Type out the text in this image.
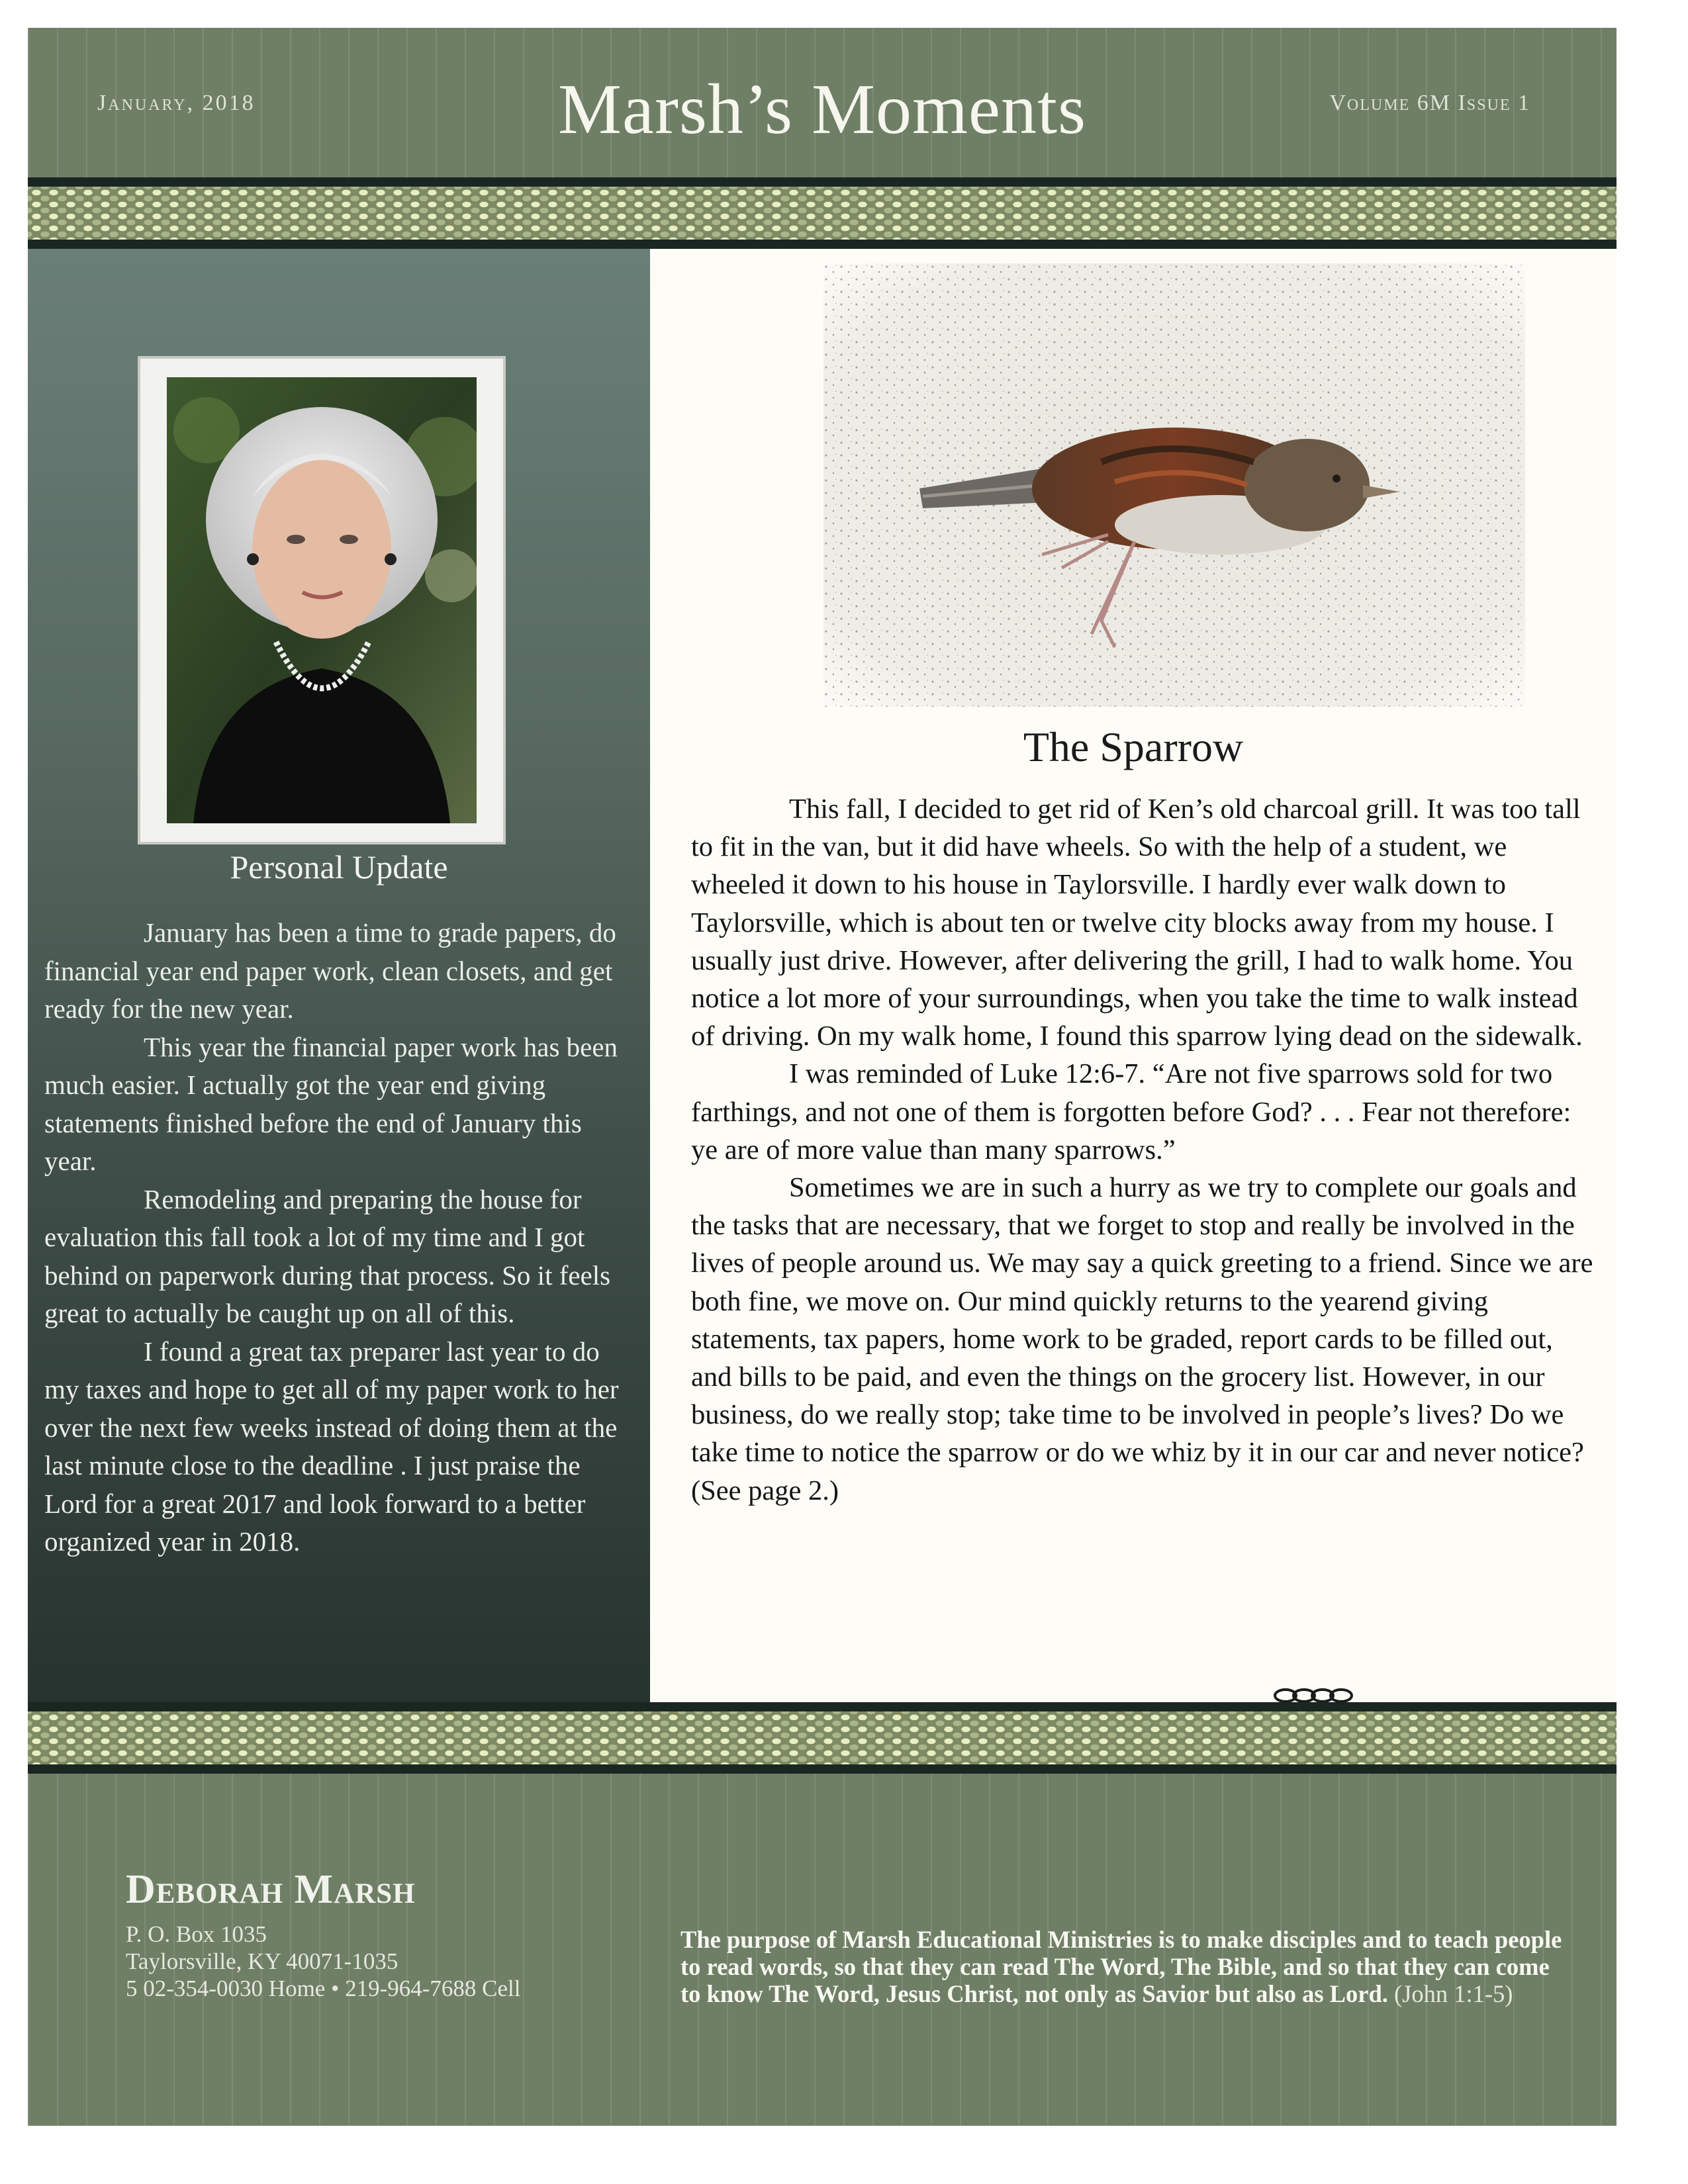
January, 2018	Marsh’s Moments	Volume 6M Issue 1
Personal Update

January has been a time to grade papers, do financial year end paper work, clean closets, and get ready for the new year.

This year the financial paper work has been much easier. I actually got the year end giving statements finished before the end of January this year.

Remodeling and preparing the house for evaluation this fall took a lot of my time and I got behind on paperwork during that process. So it feels great to actually be caught up on all of this.

I found a great tax preparer last year to do my taxes and hope to get all of my paper work to her over the next few weeks instead of doing them at the last minute close to the deadline . I just praise the Lord for a great 2017 and look forward to a better organized year in 2018.

The Sparrow

This fall, I decided to get rid of Ken’s old charcoal grill. It was too tall to fit in the van, but it did have wheels. So with the help of a student, we wheeled it down to his house in Taylorsville. I hardly ever walk down to Taylorsville, which is about ten or twelve city blocks away from my house. I usually just drive. However, after delivering the grill, I had to walk home. You notice a lot more of your surroundings, when you take the time to walk instead of driving. On my walk home, I found this sparrow lying dead on the sidewalk.

I was reminded of Luke 12:6-7. “Are not five sparrows sold for two farthings, and not one of them is forgotten before God? . . . Fear not therefore: ye are of more value than many sparrows.”

Sometimes we are in such a hurry as we try to complete our goals and the tasks that are necessary, that we forget to stop and really be involved in the lives of people around us. We may say a quick greeting to a friend. Since we are both fine, we move on. Our mind quickly returns to the yearend giving statements, tax papers, home work to be graded, report cards to be filled out, and bills to be paid, and even the things on the grocery list. However, in our business, do we really stop; take time to be involved in people’s lives? Do we take time to notice the sparrow or do we whiz by it in our car and never notice? (See page 2.)

Deborah Marsh
P. O. Box 1035
Taylorsville, KY 40071-1035
5 02-354-0030 Home • 219-964-7688 Cell
The purpose of Marsh Educational Ministries is to make disciples and to teach people to read words, so that they can read The Word, The Bible, and so that they can come to know The Word, Jesus Christ, not only as Savior but also as Lord. (John 1:1-5)
